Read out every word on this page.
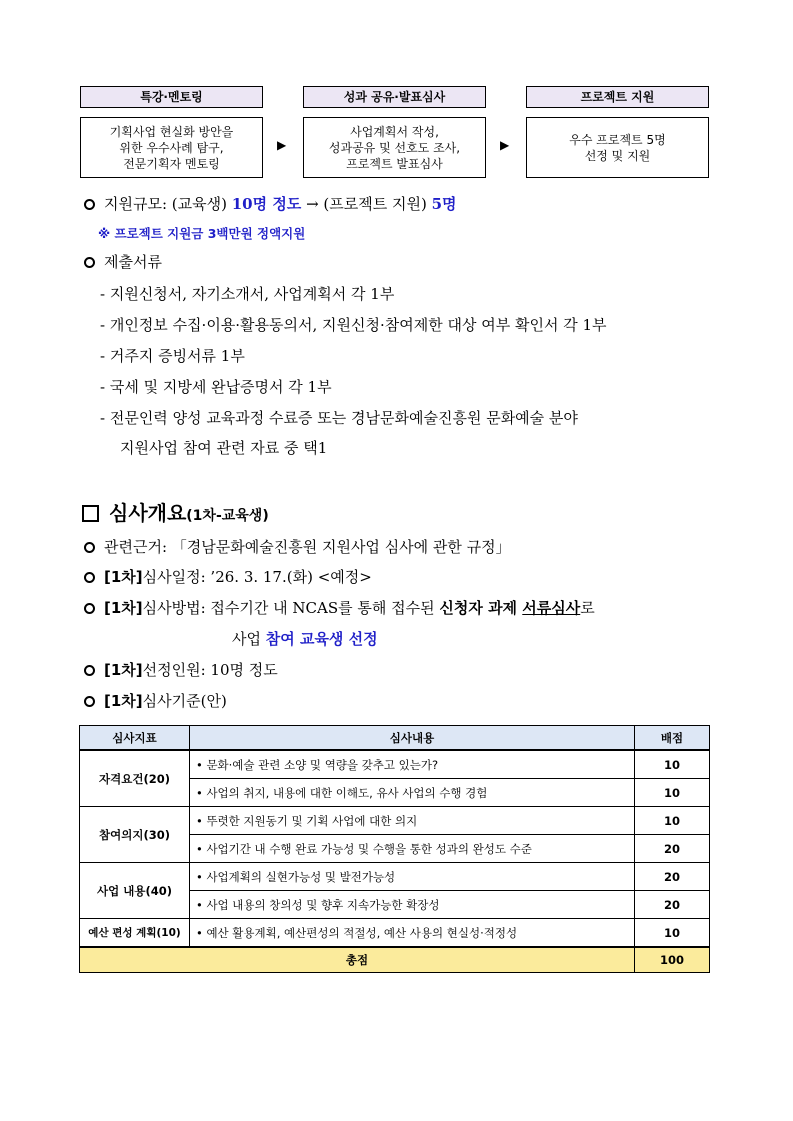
특강·멘토링	성과 공유·발표심사	프로젝트 지원
기획사업 현실화 방안을
위한 우수사례 탐구,
전문기획자 멘토링
▶
사업계획서 작성,
성과공유 및 선호도 조사,
프로젝트 발표심사
▶	우수 프로젝트 5명
선정 및 지원
지원규모: (교육생) 10명 정도 → (프로젝트 지원) 5명
※ 프로젝트 지원금 3백만원 정액지원
제출서류
- 지원신청서, 자기소개서, 사업계획서 각 1부
- 개인정보 수집·이용·활용동의서, 지원신청·참여제한 대상 여부 확인서 각 1부
- 거주지 증빙서류 1부
- 국세 및 지방세 완납증명서 각 1부
- 전문인력 양성 교육과정 수료증 또는 경남문화예술진흥원 문화예술 분야
지원사업 참여 관련 자료 중 택1
심사개요(1차-교육생)
관련근거: 「경남문화예술진흥원 지원사업 심사에 관한 규정」
[1차]심사일정: ’26. 3. 17.(화) <예정>
[1차]심사방법: 접수기간 내 NCAS를 통해 접수된 신청자 과제 서류심사로
사업 참여 교육생 선정
[1차]선정인원: 10명 정도
[1차]심사기준(안)
심사지표	심사내용	배점
자격요건(20)	• 문화·예술 관련 소양 및 역량을 갖추고 있는가?	10
	• 사업의 취지, 내용에 대한 이해도, 유사 사업의 수행 경험	10
참여의지(30)	• 뚜렷한 지원동기 및 기획 사업에 대한 의지	10
	• 사업기간 내 수행 완료 가능성 및 수행을 통한 성과의 완성도 수준	20
사업 내용(40)	• 사업계획의 실현가능성 및 발전가능성	20
	• 사업 내용의 창의성 및 향후 지속가능한 확장성	20
예산 편성 계획(10)	• 예산 활용계획, 예산편성의 적절성, 예산 사용의 현실성·적정성	10
총점		100
